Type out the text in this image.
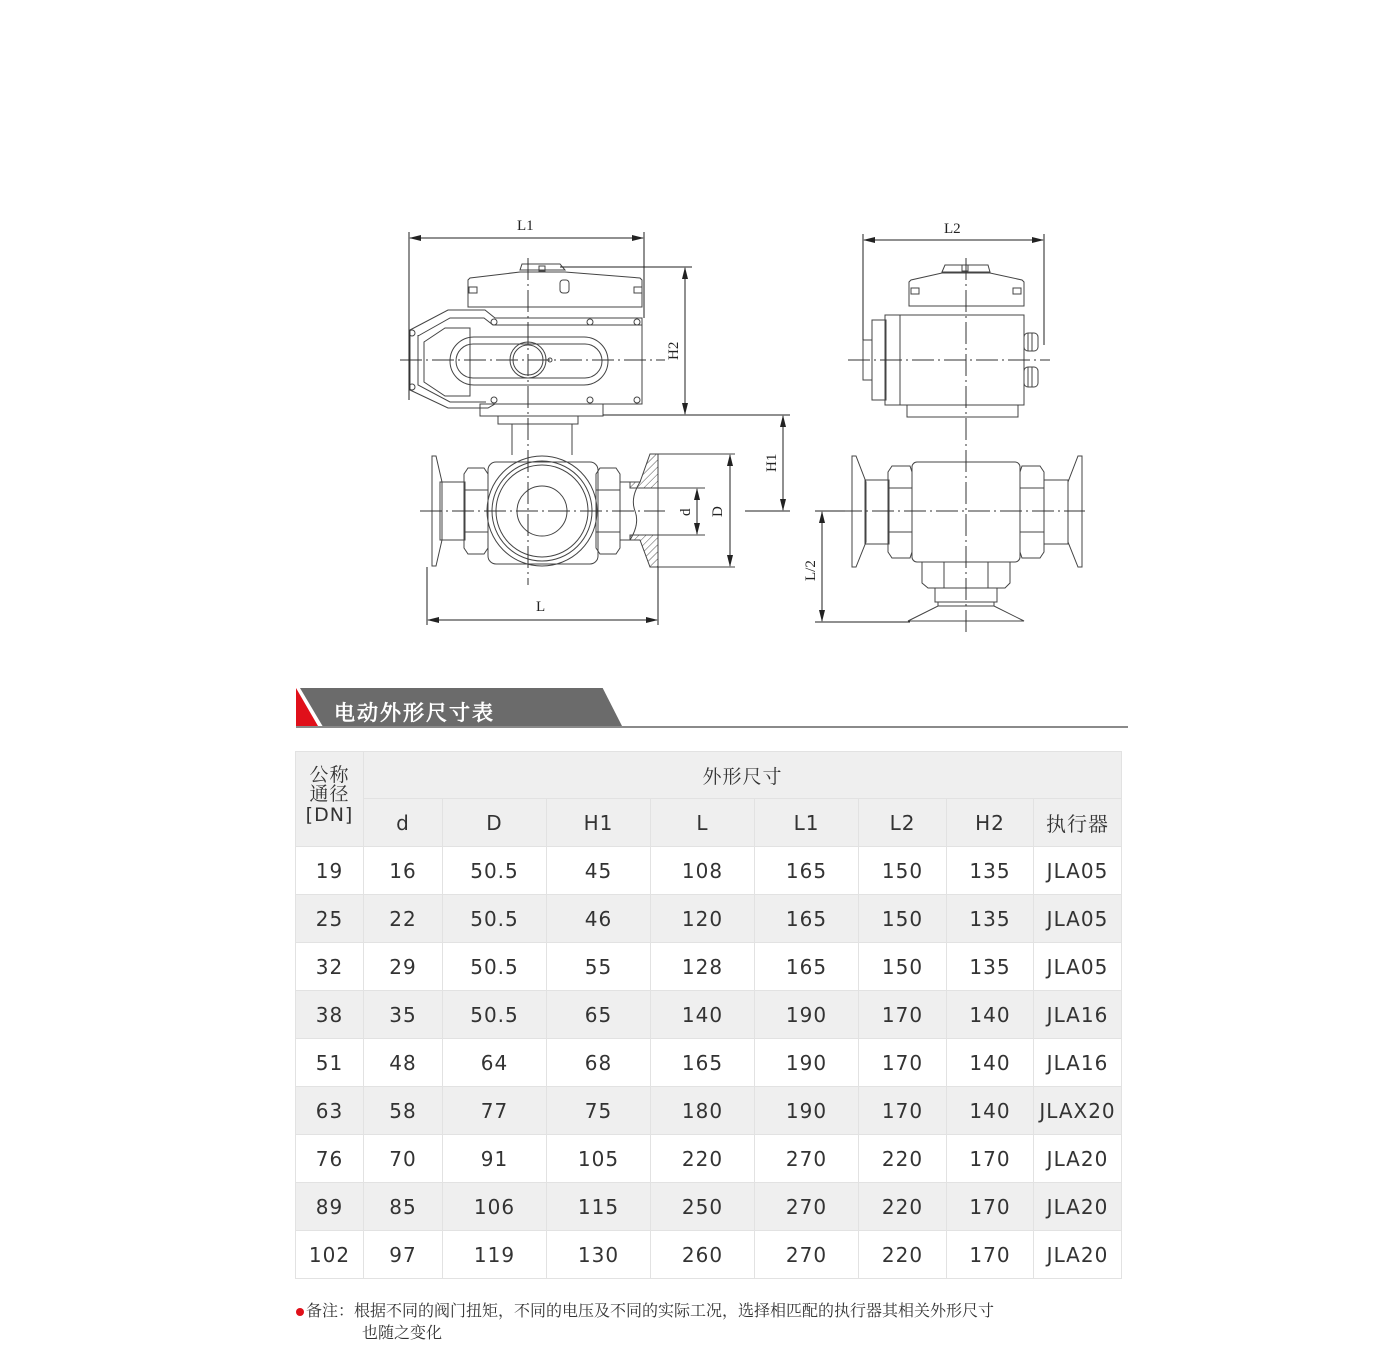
L1
H2
H1
d D
L
L2
L/2
电动外形尺寸表
公称
通径
[DN]	外形尺寸							
	d	D	H1	L	L1	L2	H2	执行器
19	16	50.5	45	108	165	150	135	JLA05
25	22	50.5	46	120	165	150	135	JLA05
32	29	50.5	55	128	165	150	135	JLA05
38	35	50.5	65	140	190	170	140	JLA16
51	48	64	68	165	190	170	140	JLA16
63	58	77	75	180	190	170	140	JLAX20
76	70	91	105	220	270	220	170	JLA20
89	85	106	115	250	270	220	170	JLA20
102	97	119	130	260	270	220	170	JLA20
备注：根据不同的阀门扭矩，不同的电压及不同的实际工况，选择相匹配的执行器其相关外形尺寸
也随之变化
